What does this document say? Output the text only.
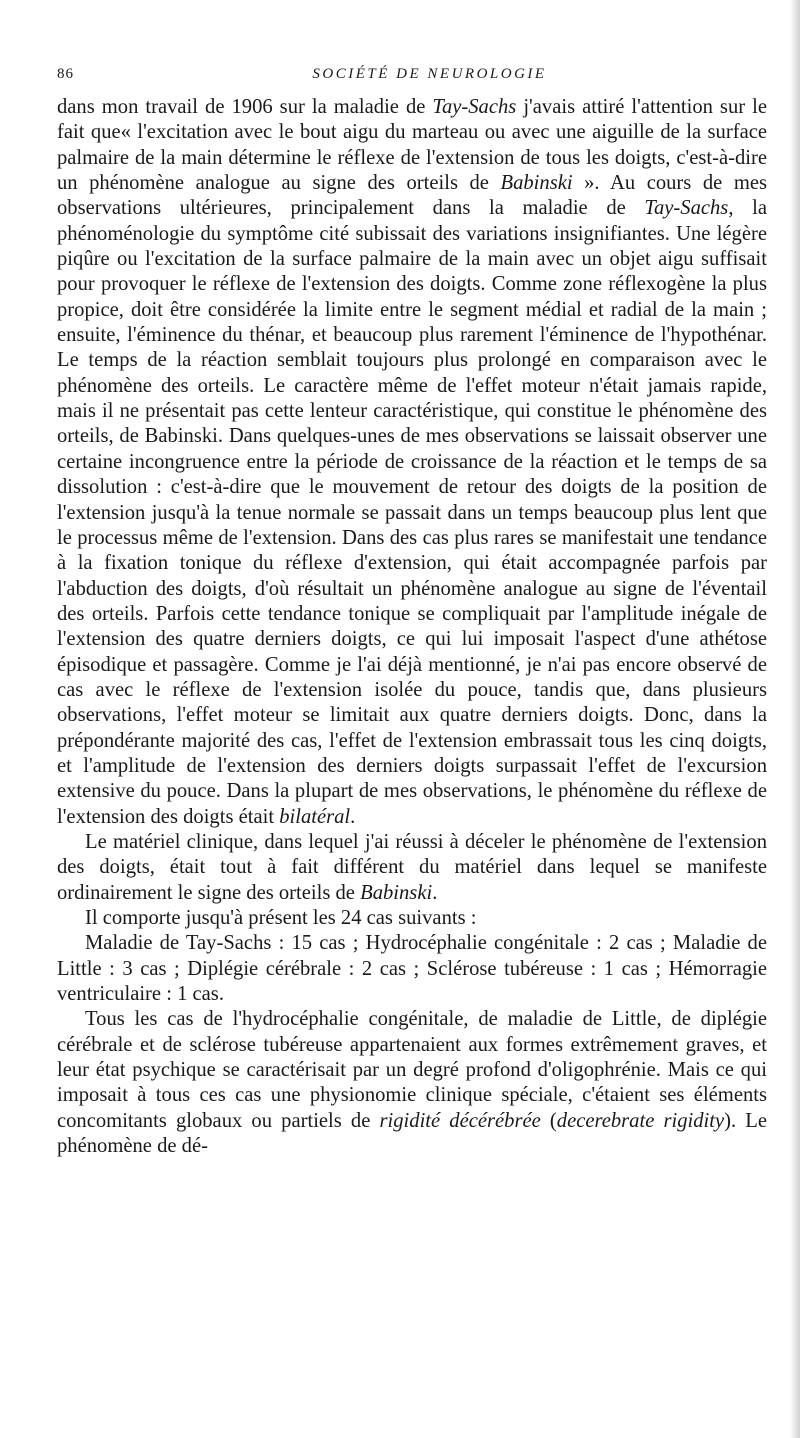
86	SOCIÉTÉ DE NEUROLOGIE

dans mon travail de 1906 sur la maladie de Tay-Sachs j'avais attiré l'attention sur le fait que« l'excitation avec le bout aigu du marteau ou avec une aiguille de la surface palmaire de la main détermine le réflexe de l'extension de tous les doigts, c'est-à-dire un phénomène analogue au signe des orteils de Babinski ». Au cours de mes observations ultérieures, principalement dans la maladie de Tay-Sachs, la phénoménologie du symptôme cité subissait des variations insignifiantes. Une légère piqûre ou l'excitation de la surface palmaire de la main avec un objet aigu suffisait pour provoquer le réflexe de l'extension des doigts. Comme zone réflexogène la plus propice, doit être considérée la limite entre le segment médial et radial de la main ; ensuite, l'éminence du thénar, et beaucoup plus rarement l'éminence de l'hypothénar. Le temps de la réaction semblait toujours plus prolongé en comparaison avec le phénomène des orteils. Le caractère même de l'effet moteur n'était jamais rapide, mais il ne présentait pas cette lenteur caractéristique, qui constitue le phénomène des orteils, de Babinski. Dans quelques-unes de mes observations se laissait observer une certaine incongruence entre la période de croissance de la réaction et le temps de sa dissolution : c'est-à-dire que le mouvement de retour des doigts de la position de l'extension jusqu'à la tenue normale se passait dans un temps beaucoup plus lent que le processus même de l'extension. Dans des cas plus rares se manifestait une tendance à la fixation tonique du réflexe d'extension, qui était accompagnée parfois par l'abduction des doigts, d'où résultait un phénomène analogue au signe de l'éventail des orteils. Parfois cette tendance tonique se compliquait par l'amplitude inégale de l'extension des quatre derniers doigts, ce qui lui imposait l'aspect d'une athétose épisodique et passagère. Comme je l'ai déjà mentionné, je n'ai pas encore observé de cas avec le réflexe de l'extension isolée du pouce, tandis que, dans plusieurs observations, l'effet moteur se limitait aux quatre derniers doigts. Donc, dans la prépondérante majorité des cas, l'effet de l'extension embrassait tous les cinq doigts, et l'amplitude de l'extension des derniers doigts surpassait l'effet de l'excursion extensive du pouce. Dans la plupart de mes observations, le phénomène du réflexe de l'extension des doigts était bilatéral.

Le matériel clinique, dans lequel j'ai réussi à déceler le phénomène de l'extension des doigts, était tout à fait différent du matériel dans lequel se manifeste ordinairement le signe des orteils de Babinski.

Il comporte jusqu'à présent les 24 cas suivants :

Maladie de Tay-Sachs : 15 cas ; Hydrocéphalie congénitale : 2 cas ; Maladie de Little : 3 cas ; Diplégie cérébrale : 2 cas ; Sclérose tubéreuse : 1 cas ; Hémorragie ventriculaire : 1 cas.

Tous les cas de l'hydrocéphalie congénitale, de maladie de Little, de diplégie cérébrale et de sclérose tubéreuse appartenaient aux formes extrêmement graves, et leur état psychique se caractérisait par un degré profond d'oligophrénie. Mais ce qui imposait à tous ces cas une physionomie clinique spéciale, c'étaient ses éléments concomitants globaux ou partiels de rigidité décérébrée (decerebrate rigidity). Le phénomène de dé-
